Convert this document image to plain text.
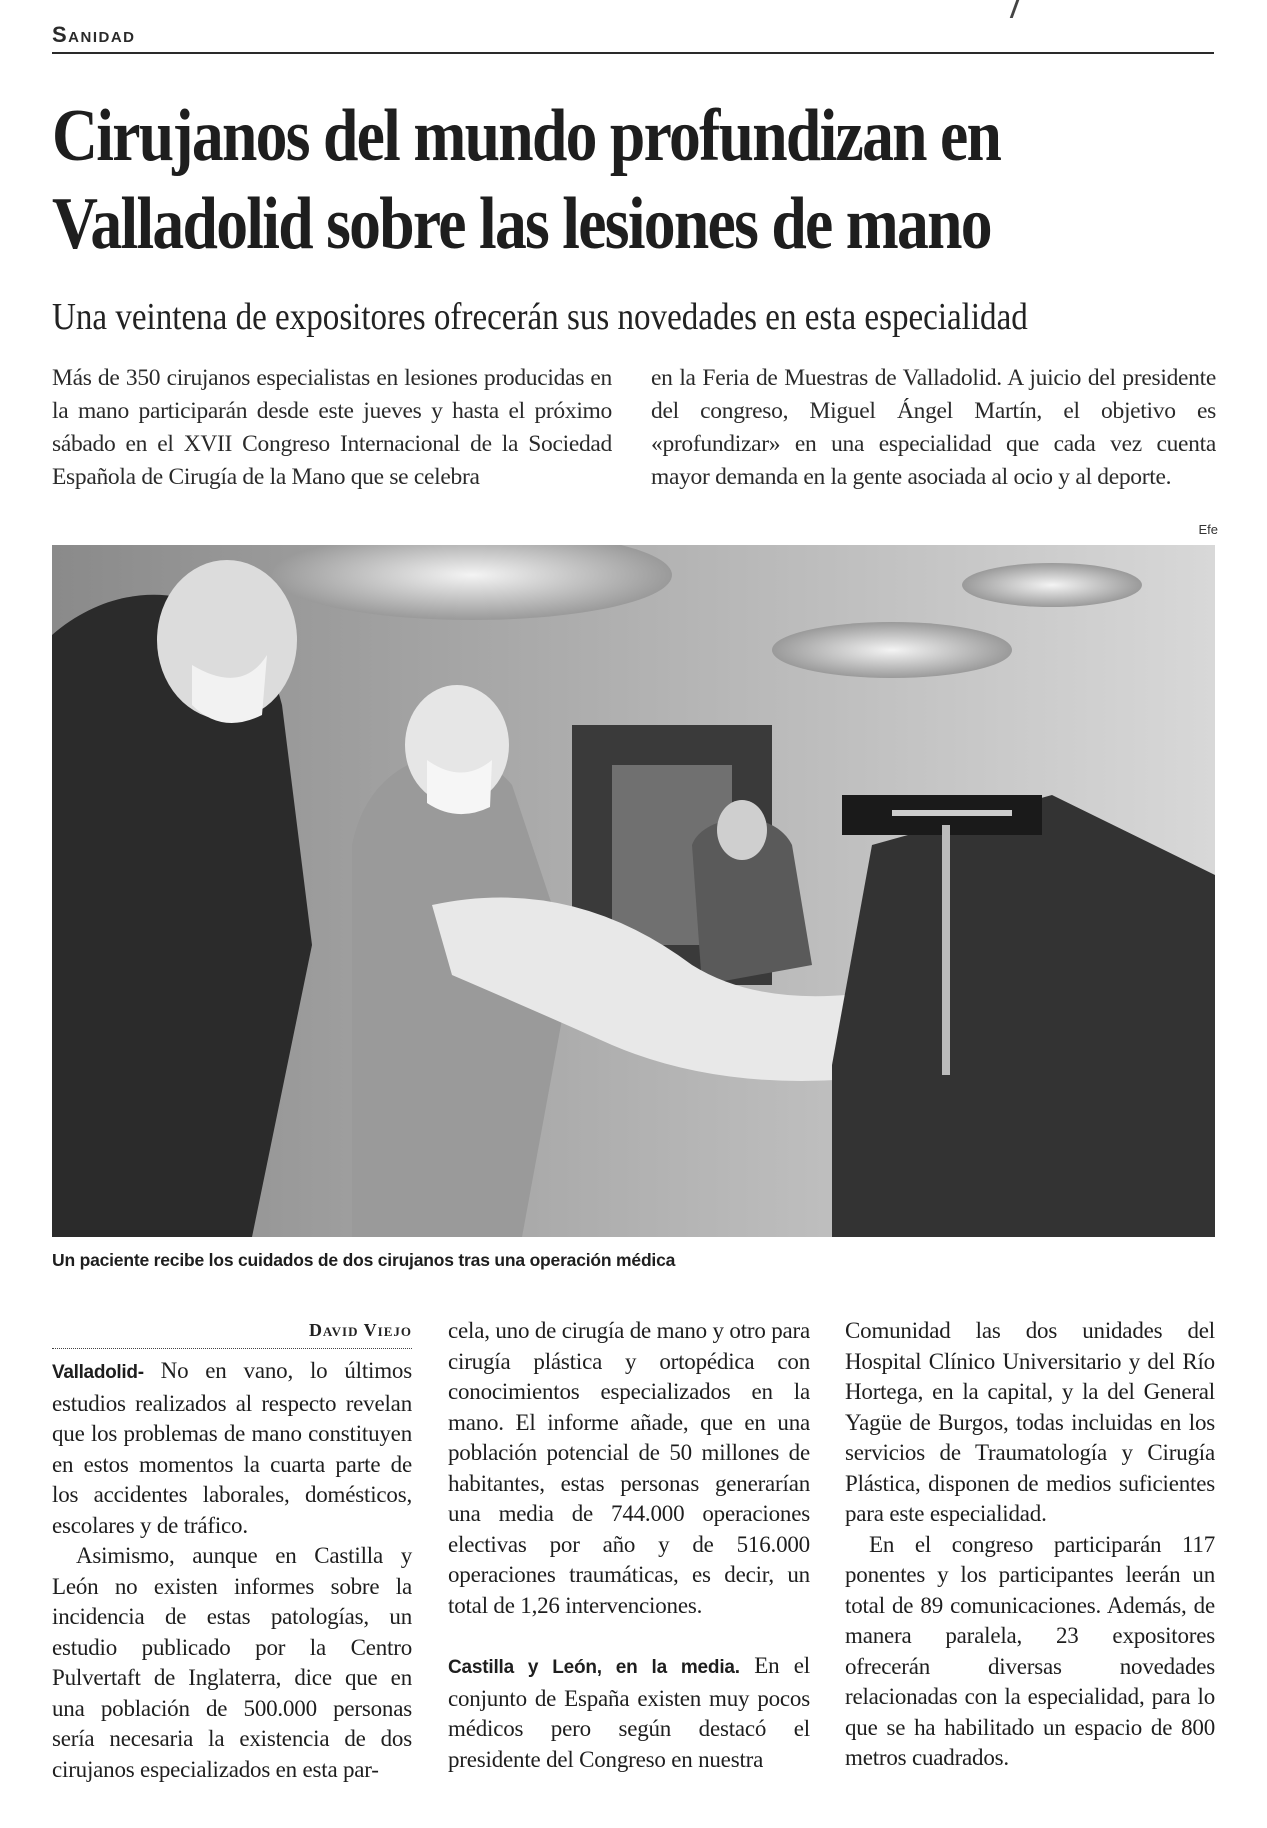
Sanidad
Cirujanos del mundo profundizan en
Valladolid sobre las lesiones de mano
Una veintena de expositores ofrecerán sus novedades en esta especialidad
Más de 350 cirujanos especialistas en lesiones producidas en la mano participarán desde este jueves y hasta el próximo sábado en el XVII Congreso Internacional de la Sociedad Española de Cirugía de la Mano que se celebra
en la Feria de Muestras de Valladolid. A juicio del presidente del congreso, Miguel Ángel Martín, el objetivo es «profundizar» en una especialidad que cada vez cuenta mayor demanda en la gente asociada al ocio y al deporte.
Efe
Un paciente recibe los cuidados de dos cirujanos tras una operación médica
David Viejo

Valladolid- No en vano, lo últimos estudios realizados al respecto revelan que los problemas de mano constituyen en estos momentos la cuarta parte de los accidentes laborales, domésticos, escolares y de tráfico.

Asimismo, aunque en Castilla y León no existen informes sobre la incidencia de estas patologías, un estudio publicado por la Centro Pulvertaft de Inglaterra, dice que en una población de 500.000 personas sería necesaria la existencia de dos cirujanos especializados en esta par-

cela, uno de cirugía de mano y otro para cirugía plástica y ortopédica con conocimientos especializados en la mano. El informe añade, que en una población potencial de 50 millones de habitantes, estas personas generarían una media de 744.000 operaciones electivas por año y de 516.000 operaciones traumáticas, es decir, un total de 1,26 intervenciones.

Castilla y León, en la media. En el conjunto de España existen muy pocos médicos pero según destacó el presidente del Congreso en nuestra

Comunidad las dos unidades del Hospital Clínico Universitario y del Río Hortega, en la capital, y la del General Yagüe de Burgos, todas incluidas en los servicios de Traumatología y Cirugía Plástica, disponen de medios suficientes para este especialidad.

En el congreso participarán 117 ponentes y los participantes leerán un total de 89 comunicaciones. Además, de manera paralela, 23 expositores ofrecerán diversas novedades relacionadas con la especialidad, para lo que se ha habilitado un espacio de 800 metros cuadrados.
